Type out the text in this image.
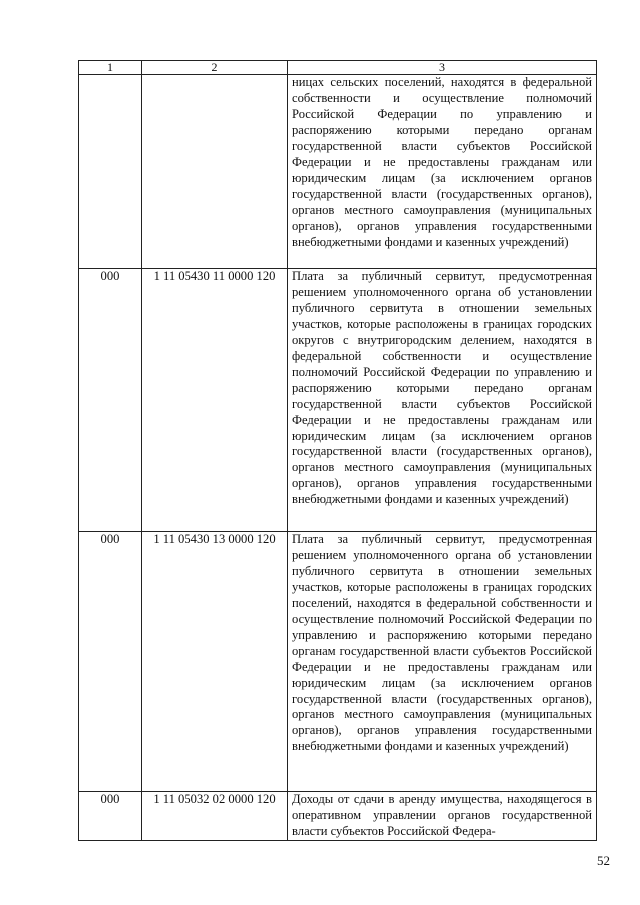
1	2	3
		ницах сельских поселений, находятся в федеральной собственности и осуществление полномочий Российской Федерации по управлению и распоряжению которыми передано органам государственной власти субъектов Российской Федерации и не предоставлены гражданам или юридическим лицам (за исключением органов государственной власти (государственных органов), органов местного самоуправления (муниципальных органов), органов управления государственными внебюджетными фондами и казенных учреждений)
000	1 11 05430 11 0000 120	Плата за публичный сервитут, предусмотренная решением уполномоченного органа об установлении публичного сервитута в отношении земельных участков, которые расположены в границах городских округов с внутригородским делением, находятся в федеральной собственности и осуществление полномочий Российской Федерации по управлению и распоряжению которыми передано органам государственной власти субъектов Российской Федерации и не предоставлены гражданам или юридическим лицам (за исключением органов государственной власти (государственных органов), органов местного самоуправления (муниципальных органов), органов управления государственными внебюджетными фондами и казенных учреждений)
000	1 11 05430 13 0000 120	Плата за публичный сервитут, предусмотренная решением уполномоченного органа об установлении публичного сервитута в отношении земельных участков, которые расположены в границах городских поселений, находятся в федеральной собственности и осуществление полномочий Российской Федерации по управлению и распоряжению которыми передано органам государственной власти субъектов Российской Федерации и не предоставлены гражданам или юридическим лицам (за исключением органов государственной власти (государственных органов), органов местного самоуправления (муниципальных органов), органов управления государственными внебюджетными фондами и казенных учреждений)
000	1 11 05032 02 0000 120	Доходы от сдачи в аренду имущества, находящегося в оперативном управлении органов государственной власти субъектов Российской Федера-
52
